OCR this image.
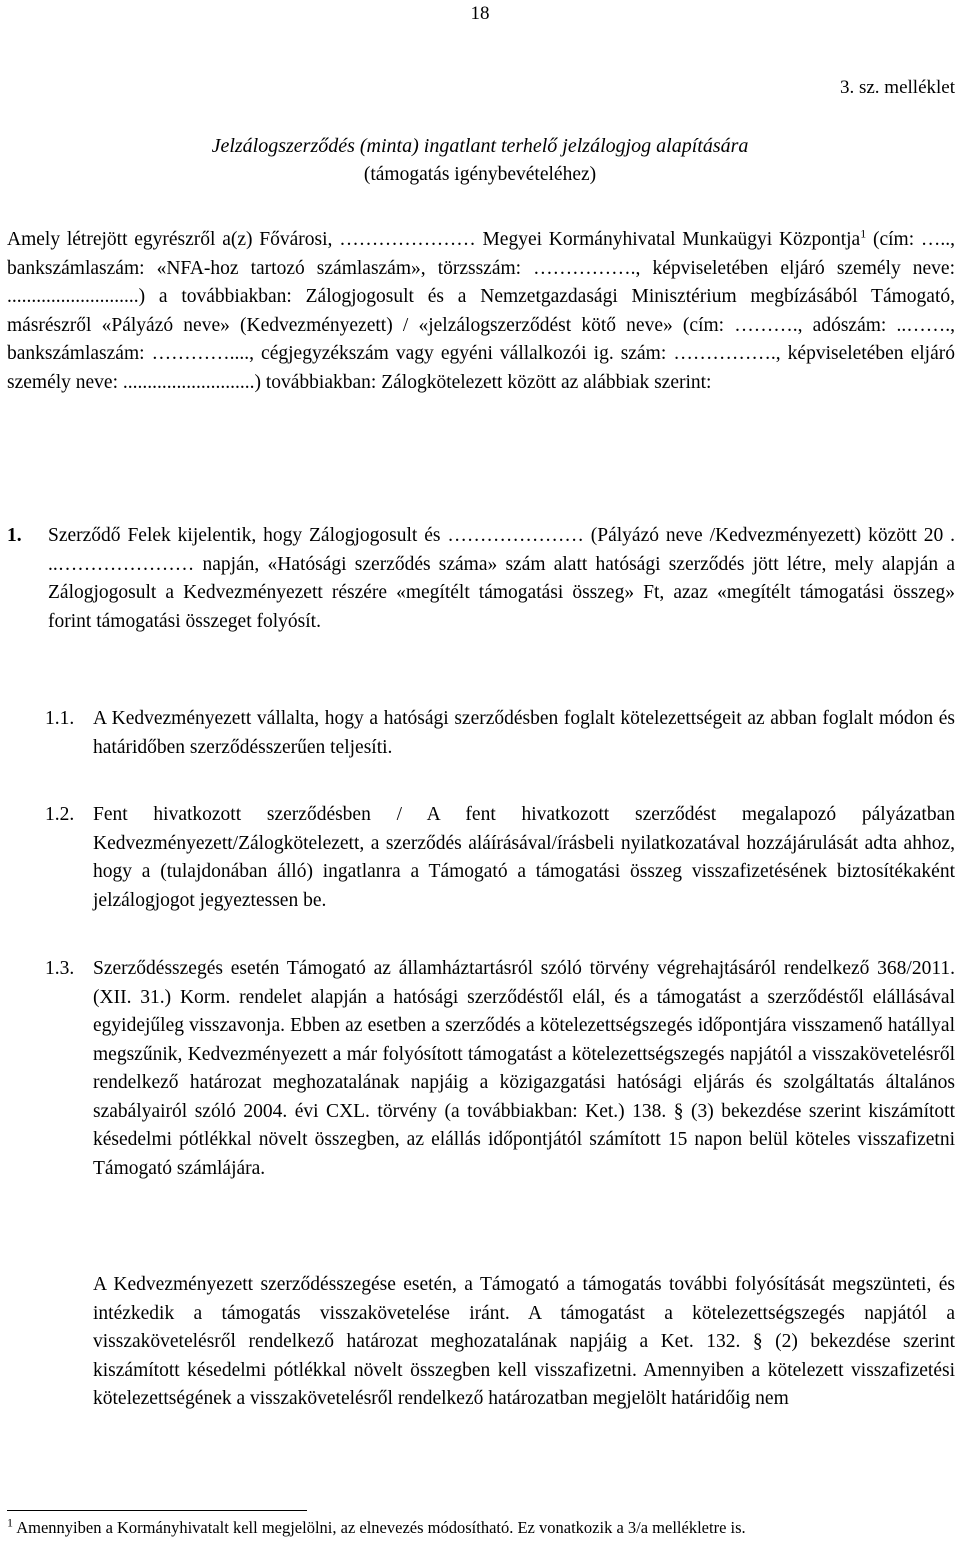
18
3. sz. melléklet
Jelzálogszerződés (minta) ingatlant terhelő jelzálogjog alapítására
(támogatás igénybevételéhez)
Amely létrejött egyrészről a(z) Fővárosi, ………………… Megyei Kormányhivatal Munkaügyi Központja$^1$ (cím: ….., bankszámlaszám: «NFA-hoz tartozó számlaszám», törzsszám: ……………., képviseletében eljáró személy neve: ...........................) a továbbiakban: Zálogjogosult és a Nemzetgazdasági Minisztérium megbízásából Támogató, másrészről «Pályázó neve» (Kedvezményezett) / «jelzálogszerződést kötő neve» (cím: ………., adószám: ..……., bankszámlaszám: …………...., cégjegyzékszám vagy egyéni vállalkozói ig. szám: ……………., képviseletében eljáró személy neve: ...........................) továbbiakban: Zálogkötelezett között az alábbiak szerint:
1. Szerződő Felek kijelentik, hogy Zálogjogosult és ………………… (Pályázó neve /Kedvezményezett) között 20 . ..………………… napján, «Hatósági szerződés száma» szám alatt hatósági szerződés jött létre, mely alapján a Zálogjogosult a Kedvezményezett részére «megítélt támogatási összeg» Ft, azaz «megítélt támogatási összeg» forint támogatási összeget folyósít.
1.1. A Kedvezményezett vállalta, hogy a hatósági szerződésben foglalt kötelezettségeit az abban foglalt módon és határidőben szerződésszerűen teljesíti.
1.2. Fent hivatkozott szerződésben / A fent hivatkozott szerződést megalapozó pályázatban Kedvezményezett/Zálogkötelezett, a szerződés aláírásával/írásbeli nyilatkozatával hozzájárulását adta ahhoz, hogy a (tulajdonában álló) ingatlanra a Támogató a támogatási összeg visszafizetésének biztosítékaként jelzálogjogot jegyeztessen be.
1.3. Szerződésszegés esetén Támogató az államháztartásról szóló törvény végrehajtásáról rendelkező 368/2011. (XII. 31.) Korm. rendelet alapján a hatósági szerződéstől elál, és a támogatást a szerződéstől elállásával egyidejűleg visszavonja. Ebben az esetben a szerződés a kötelezettségszegés időpontjára visszamenő hatállyal megszűnik, Kedvezményezett a már folyósított támogatást a kötelezettségszegés napjától a visszakövetelésről rendelkező határozat meghozatalának napjáig a közigazgatási hatósági eljárás és szolgáltatás általános szabályairól szóló 2004. évi CXL. törvény (a továbbiakban: Ket.) 138. § (3) bekezdése szerint kiszámított késedelmi pótlékkal növelt összegben, az elállás időpontjától számított 15 napon belül köteles visszafizetni Támogató számlájára.
A Kedvezményezett szerződésszegése esetén, a Támogató a támogatás további folyósítását megszünteti, és intézkedik a támogatás visszakövetelése iránt. A támogatást a kötelezettségszegés napjától a visszakövetelésről rendelkező határozat meghozatalának napjáig a Ket. 132. § (2) bekezdése szerint kiszámított késedelmi pótlékkal növelt összegben kell visszafizetni. Amennyiben a kötelezett visszafizetési kötelezettségének a visszakövetelésről rendelkező határozatban megjelölt határidőig nem
$^1$ Amennyiben a Kormányhivatalt kell megjelölni, az elnevezés módosítható. Ez vonatkozik a 3/a mellékletre is.
